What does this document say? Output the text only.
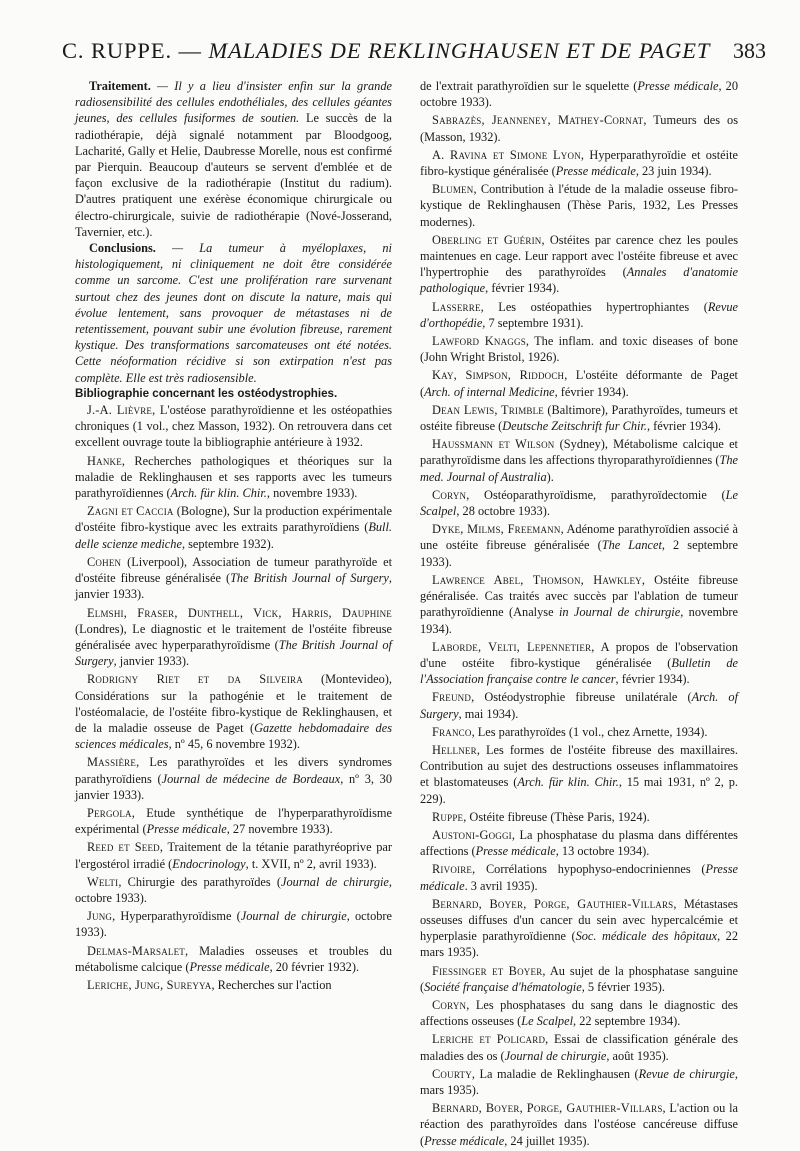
C. RUPPE. — MALADIES DE REKLINGHAUSEN ET DE PAGET 383

Traitement. — Il y a lieu d'insister enfin sur la grande radiosensibilité des cellules endothéliales, des cellules géantes jeunes, des cellules fusiformes de soutien. Le succès de la radiothérapie, déjà signalé notamment par Bloodgoog, Lacharité, Gally et Helie, Daubresse Morelle, nous est confirmé par Pierquin. Beaucoup d'auteurs se servent d'emblée et de façon exclusive de la radiothérapie (Institut du radium). D'autres pratiquent une exérèse économique chirurgicale ou électro-chirurgicale, suivie de radiothérapie (Nové-Josserand, Tavernier, etc.).

Conclusions. — La tumeur à myéloplaxes, ni histologiquement, ni cliniquement ne doit être considérée comme un sarcome. C'est une prolifération rare survenant surtout chez des jeunes dont on discute la nature, mais qui évolue lentement, sans provoquer de métastases ni de retentissement, pouvant subir une évolution fibreuse, rarement kystique. Des transformations sarcomateuses ont été notées. Cette néoformation récidive si son extirpation n'est pas complète. Elle est très radiosensible.

Bibliographie concernant les ostéodystrophies.

J.-A. Lièvre, L'ostéose parathyroïdienne et les ostéopathies chroniques (1 vol., chez Masson, 1932). On retrouvera dans cet excellent ouvrage toute la bibliographie antérieure à 1932.

Hanke, Recherches pathologiques et théoriques sur la maladie de Reklinghausen et ses rapports avec les tumeurs parathyroïdiennes (Arch. für klin. Chir., novembre 1933).

Zagni et Caccia (Bologne), Sur la production expérimentale d'ostéite fibro-kystique avec les extraits parathyroïdiens (Bull. delle scienze mediche, septembre 1932).

Cohen (Liverpool), Association de tumeur parathyroïde et d'ostéite fibreuse généralisée (The British Journal of Surgery, janvier 1933).

Elmshi, Fraser, Dunthell, Vick, Harris, Dauphine (Londres), Le diagnostic et le traitement de l'ostéite fibreuse généralisée avec hyperparathyroïdisme (The British Journal of Surgery, janvier 1933).

Rodrigny Riet et da Silveira (Montevideo), Considérations sur la pathogénie et le traitement de l'ostéomalacie, de l'ostéite fibro-kystique de Reklinghausen, et de la maladie osseuse de Paget (Gazette hebdomadaire des sciences médicales, nº 45, 6 novembre 1932).

Massière, Les parathyroïdes et les divers syndromes parathyroïdiens (Journal de médecine de Bordeaux, nº 3, 30 janvier 1933).

Pergola, Etude synthétique de l'hyperparathyroïdisme expérimental (Presse médicale, 27 novembre 1933).

Reed et Seed, Traitement de la tétanie parathyréoprive par l'ergostérol irradié (Endocrinology, t. XVII, nº 2, avril 1933).

Welti, Chirurgie des parathyroïdes (Journal de chirurgie, octobre 1933).

Jung, Hyperparathyroïdisme (Journal de chirurgie, octobre 1933).

Delmas-Marsalet, Maladies osseuses et troubles du métabolisme calcique (Presse médicale, 20 février 1932).

Leriche, Jung, Sureyya, Recherches sur l'action

de l'extrait parathyroïdien sur le squelette (Presse médicale, 20 octobre 1933).

Sabrazès, Jeanneney, Mathey-Cornat, Tumeurs des os (Masson, 1932).

A. Ravina et Simone Lyon, Hyperparathyroïdie et ostéite fibro-kystique généralisée (Presse médicale, 23 juin 1934).

Blumen, Contribution à l'étude de la maladie osseuse fibro-kystique de Reklinghausen (Thèse Paris, 1932, Les Presses modernes).

Oberling et Guérin, Ostéites par carence chez les poules maintenues en cage. Leur rapport avec l'ostéite fibreuse et avec l'hypertrophie des parathyroïdes (Annales d'anatomie pathologique, février 1934).

Lasserre, Les ostéopathies hypertrophiantes (Revue d'orthopédie, 7 septembre 1931).

Lawford Knaggs, The inflam. and toxic diseases of bone (John Wright Bristol, 1926).

Kay, Simpson, Riddoch, L'ostéite déformante de Paget (Arch. of internal Medicine, février 1934).

Dean Lewis, Trimble (Baltimore), Parathyroïdes, tumeurs et ostéite fibreuse (Deutsche Zeitschrift fur Chir., février 1934).

Haussmann et Wilson (Sydney), Métabolisme calcique et parathyroïdisme dans les affections thyroparathyroïdiennes (The med. Journal of Australia).

Coryn, Ostéoparathyroïdisme, parathyroïdectomie (Le Scalpel, 28 octobre 1933).

Dyke, Milms, Freemann, Adénome parathyroïdien associé à une ostéite fibreuse généralisée (The Lancet, 2 septembre 1933).

Lawrence Abel, Thomson, Hawkley, Ostéite fibreuse généralisée. Cas traités avec succès par l'ablation de tumeur parathyroïdienne (Analyse in Journal de chirurgie, novembre 1934).

Laborde, Velti, Lepennetier, A propos de l'observation d'une ostéite fibro-kystique généralisée (Bulletin de l'Association française contre le cancer, février 1934).

Freund, Ostéodystrophie fibreuse unilatérale (Arch. of Surgery, mai 1934).

Franco, Les parathyroïdes (1 vol., chez Arnette, 1934).

Hellner, Les formes de l'ostéite fibreuse des maxillaires. Contribution au sujet des destructions osseuses inflammatoires et blastomateuses (Arch. für klin. Chir., 15 mai 1931, nº 2, p. 229).

Ruppe, Ostéite fibreuse (Thèse Paris, 1924).

Austoni-Goggi, La phosphatase du plasma dans différentes affections (Presse médicale, 13 octobre 1934).

Rivoire, Corrélations hypophyso-endocriniennes (Presse médicale. 3 avril 1935).

Bernard, Boyer, Porge, Gauthier-Villars, Métastases osseuses diffuses d'un cancer du sein avec hypercalcémie et hyperplasie parathyroïdienne (Soc. médicale des hôpitaux, 22 mars 1935).

Fiessinger et Boyer, Au sujet de la phosphatase sanguine (Société française d'hématologie, 5 février 1935).

Coryn, Les phosphatases du sang dans le diagnostic des affections osseuses (Le Scalpel, 22 septembre 1934).

Leriche et Policard, Essai de classification générale des maladies des os (Journal de chirurgie, août 1935).

Courty, La maladie de Reklinghausen (Revue de chirurgie, mars 1935).

Bernard, Boyer, Porge, Gauthier-Villars, L'action ou la réaction des parathyroïdes dans l'ostéose cancéreuse diffuse (Presse médicale, 24 juillet 1935).
